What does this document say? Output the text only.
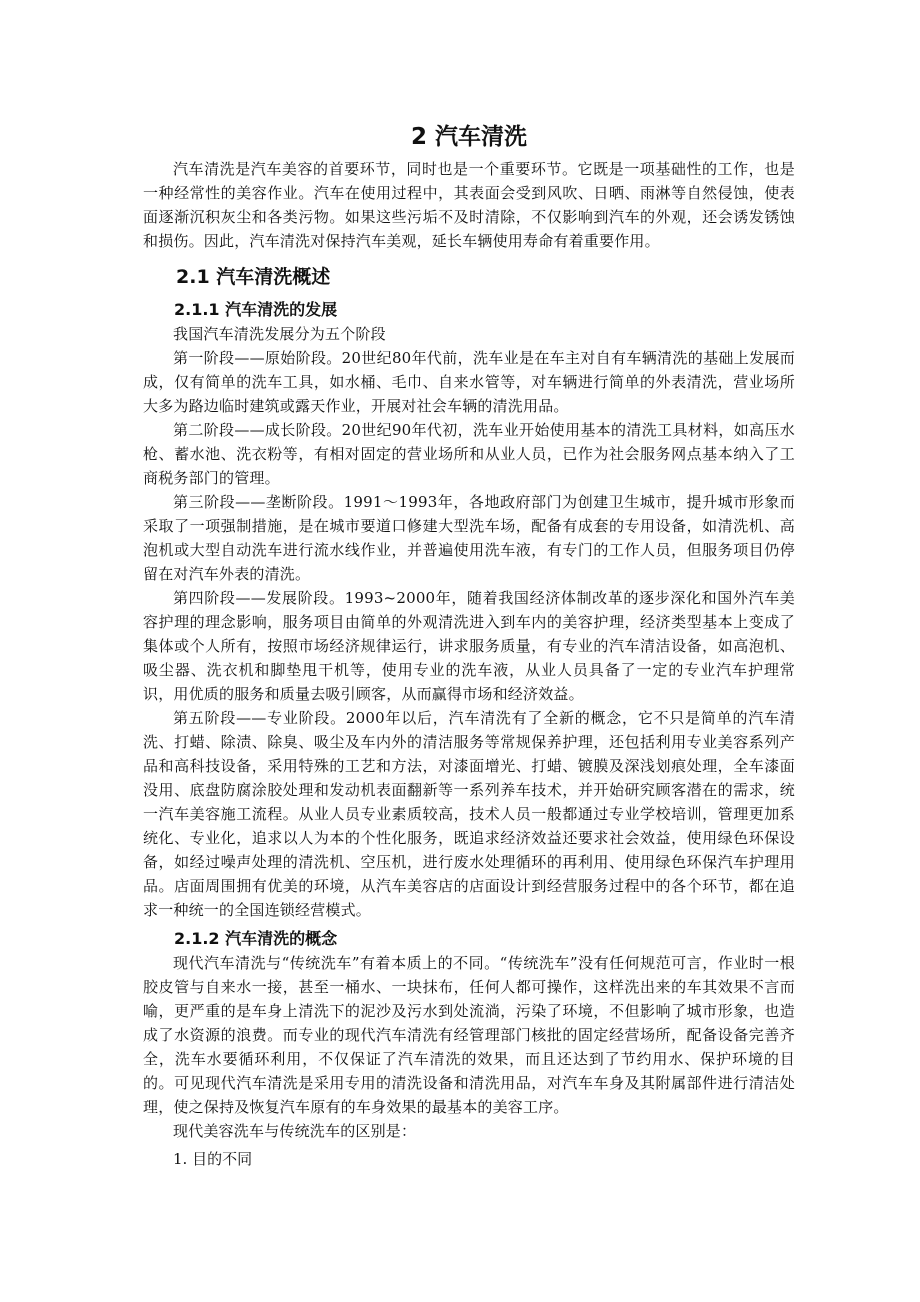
2 汽车清洗

汽车清洗是汽车美容的首要环节，同时也是一个重要环节。它既是一项基础性的工作，也是一种经常性的美容作业。汽车在使用过程中，其表面会受到风吹、日晒、雨淋等自然侵蚀，使表面逐渐沉积灰尘和各类污物。如果这些污垢不及时清除，不仅影响到汽车的外观，还会诱发锈蚀和损伤。因此，汽车清洗对保持汽车美观，延长车辆使用寿命有着重要作用。

2.1 汽车清洗概述
2.1.1 汽车清洗的发展

我国汽车清洗发展分为五个阶段

第一阶段——原始阶段。20世纪80年代前，洗车业是在车主对自有车辆清洗的基础上发展而成，仅有简单的洗车工具，如水桶、毛巾、自来水管等，对车辆进行简单的外表清洗，营业场所大多为路边临时建筑或露天作业，开展对社会车辆的清洗用品。

第二阶段——成长阶段。20世纪90年代初，洗车业开始使用基本的清洗工具材料，如高压水枪、蓄水池、洗衣粉等，有相对固定的营业场所和从业人员，已作为社会服务网点基本纳入了工商税务部门的管理。

第三阶段——垄断阶段。1991～1993年，各地政府部门为创建卫生城市，提升城市形象而采取了一项强制措施，是在城市要道口修建大型洗车场，配备有成套的专用设备，如清洗机、高泡机或大型自动洗车进行流水线作业，并普遍使用洗车液，有专门的工作人员，但服务项目仍停留在对汽车外表的清洗。

第四阶段——发展阶段。1993~2000年，随着我国经济体制改革的逐步深化和国外汽车美容护理的理念影响，服务项目由简单的外观清洗进入到车内的美容护理，经济类型基本上变成了集体或个人所有，按照市场经济规律运行，讲求服务质量，有专业的汽车清洁设备，如高泡机、吸尘器、洗衣机和脚垫甩干机等，使用专业的洗车液，从业人员具备了一定的专业汽车护理常识，用优质的服务和质量去吸引顾客，从而赢得市场和经济效益。

第五阶段——专业阶段。2000年以后，汽车清洗有了全新的概念，它不只是简单的汽车清洗、打蜡、除渍、除臭、吸尘及车内外的清洁服务等常规保养护理，还包括利用专业美容系列产品和高科技设备，采用特殊的工艺和方法，对漆面增光、打蜡、镀膜及深浅划痕处理，全车漆面没用、底盘防腐涂胶处理和发动机表面翻新等一系列养车技术，并开始研究顾客潜在的需求，统一汽车美容施工流程。从业人员专业素质较高，技术人员一般都通过专业学校培训，管理更加系统化、专业化，追求以人为本的个性化服务，既追求经济效益还要求社会效益，使用绿色环保设备，如经过噪声处理的清洗机、空压机，进行废水处理循环的再利用、使用绿色环保汽车护理用品。店面周围拥有优美的环境，从汽车美容店的店面设计到经营服务过程中的各个环节，都在追求一种统一的全国连锁经营模式。

2.1.2 汽车清洗的概念

现代汽车清洗与“传统洗车”有着本质上的不同。“传统洗车”没有任何规范可言，作业时一根胶皮管与自来水一接，甚至一桶水、一块抹布，任何人都可操作，这样洗出来的车其效果不言而喻，更严重的是车身上清洗下的泥沙及污水到处流淌，污染了环境，不但影响了城市形象，也造成了水资源的浪费。而专业的现代汽车清洗有经管理部门核批的固定经营场所，配备设备完善齐全，洗车水要循环利用，不仅保证了汽车清洗的效果，而且还达到了节约用水、保护环境的目的。可见现代汽车清洗是采用专用的清洗设备和清洗用品，对汽车车身及其附属部件进行清洁处理，使之保持及恢复汽车原有的车身效果的最基本的美容工序。

现代美容洗车与传统洗车的区别是：

1. 目的不同
